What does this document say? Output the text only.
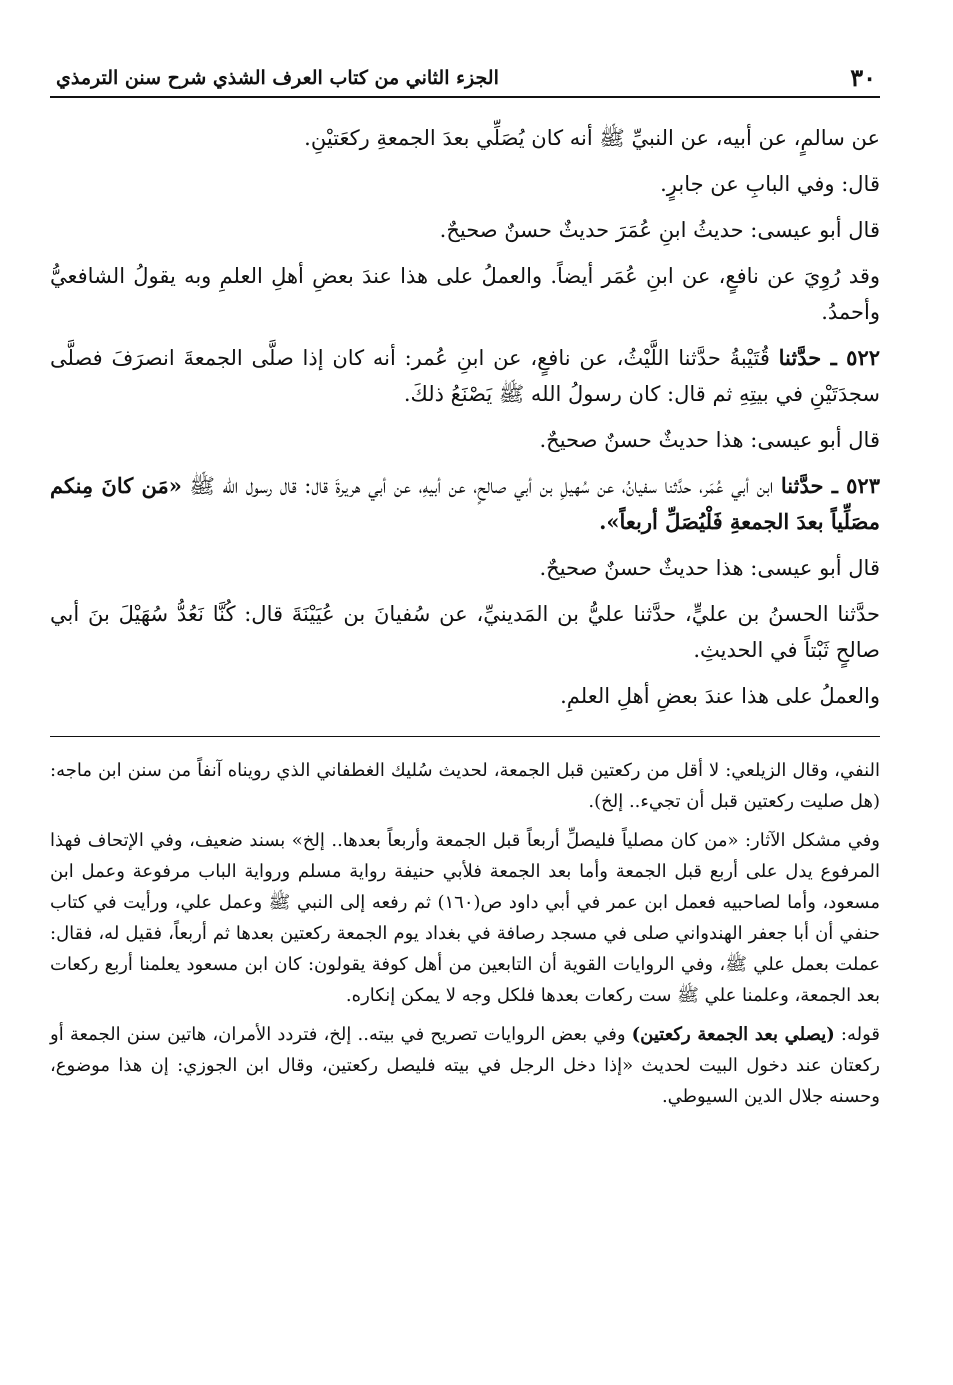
٣٠
الجزء الثاني من كتاب العرف الشذي شرح سنن الترمذي

عن سالمٍ، عن أبيه، عن النبيِّ ﷺ أنه كان يُصَلِّي بعدَ الجمعةِ ركعَتيْنِ.

قال: وفي البابِ عن جابرٍ.

قال أبو عيسى: حديثُ ابنِ عُمَرَ حديثٌ حسنٌ صحيحٌ.

وقد رُوِيَ عن نافعٍ، عن ابنِ عُمَر أيضاً. والعملُ على هذا عندَ بعضِ أهلِ العلمِ وبه يقولُ الشافعيُّ وأحمدُ.

٥٢٢ ـ حدَّثنا قُتَيْبةُ حدَّثنا اللَّيْثُ، عن نافعٍ، عن ابنِ عُمر: أنه كان إذا صلَّى الجمعةَ انصرَفَ فصلَّى سجدَتَيْنِ في بيتِهِ ثم قال: كان رسولُ الله ﷺ يَصْنَعُ ذلكَ.

قال أبو عيسى: هذا حديثٌ حسنٌ صحيحٌ.

٥٢٣ ـ حدَّثنا ابن أبي عُمَر، حدَّثنا سفيانُ، عن سُهيلِ بن أبي صالحٍ، عن أبيهِ، عن أبي هريرةَ قال: قال رسول الله ﷺ «مَن كانَ مِنكم مصَلِّياً بعدَ الجمعةِ فَلْيُصَلِّ أربعاً».

قال أبو عيسى: هذا حديثٌ حسنٌ صحيحٌ.

حدَّثنا الحسنُ بن عليٍّ، حدَّثنا عليُّ بن المَدينيِّ، عن سُفيانَ بن عُيَيْنَةَ قال: كُنَّا نَعُدُّ سُهَيْلَ بنَ أبي صالحٍ ثَبْتاً في الحديثِ.

والعملُ على هذا عندَ بعضِ أهلِ العلمِ.

النفي، وقال الزيلعي: لا أقل من ركعتين قبل الجمعة، لحديث سُليك الغطفاني الذي رويناه آنفاً من سنن ابن ماجه: (هل صليت ركعتين قبل أن تجيء.. إلخ).

وفي مشكل الآثار: «من كان مصلياً فليصلِّ أربعاً قبل الجمعة وأربعاً بعدها.. إلخ» بسند ضعيف، وفي الإتحاف فهذا المرفوع يدل على أربع قبل الجمعة وأما بعد الجمعة فلأبي حنيفة رواية مسلم ورواية الباب مرفوعة وعمل ابن مسعود، وأما لصاحبيه فعمل ابن عمر في أبي داود ص(١٦٠) ثم رفعه إلى النبي ﷺ وعمل علي، ورأيت في كتاب حنفي أن أبا جعفر الهندواني صلى في مسجد رصافة في بغداد يوم الجمعة ركعتين بعدها ثم أربعاً، فقيل له، فقال: عملت بعمل علي ﷺ، وفي الروايات القوية أن التابعين من أهل كوفة يقولون: كان ابن مسعود يعلمنا أربع ركعات بعد الجمعة، وعلمنا علي ﷺ ست ركعات بعدها فلكل وجه لا يمكن إنكاره.

قوله: (يصلي بعد الجمعة ركعتين) وفي بعض الروايات تصريح في بيته.. إلخ، فتردد الأمران، هاتين سنن الجمعة أو ركعتان عند دخول البيت لحديث «إذا دخل الرجل في بيته فليصل ركعتين، وقال ابن الجوزي: إن هذا موضوع، وحسنه جلال الدين السيوطي.
